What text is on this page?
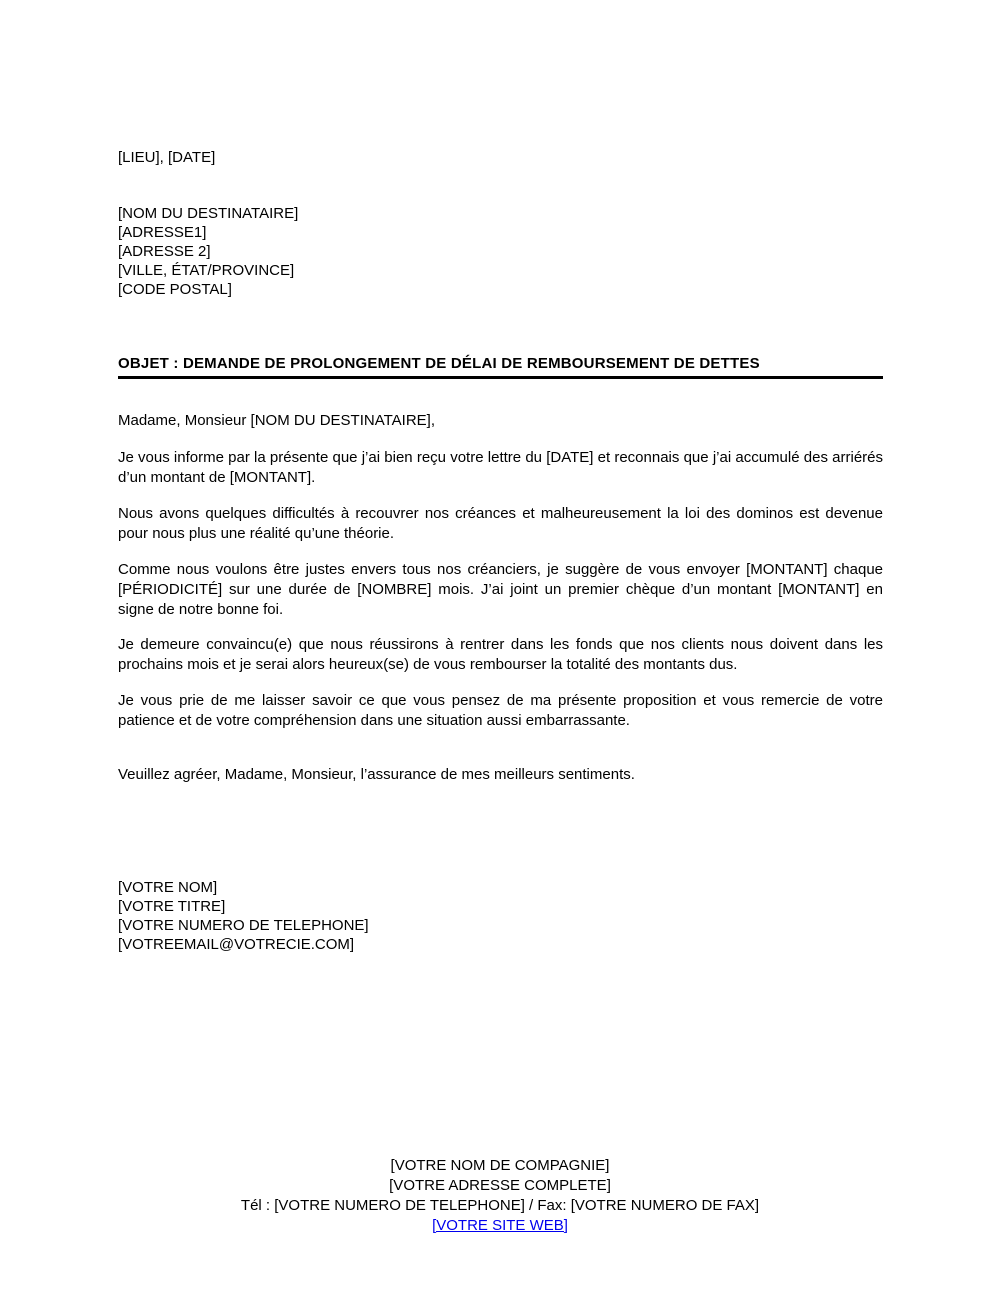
[LIEU], [DATE]
[NOM DU DESTINATAIRE]
[ADRESSE1]
[ADRESSE 2]
[VILLE, ÉTAT/PROVINCE]
[CODE POSTAL]
OBJET : DEMANDE DE PROLONGEMENT DE DÉLAI DE REMBOURSEMENT DE DETTES
Madame, Monsieur [NOM DU DESTINATAIRE],

Je vous informe par la présente que j’ai bien reçu votre lettre du [DATE] et reconnais que j’ai accumulé des arriérés d’un montant de [MONTANT].

Nous avons quelques difficultés à recouvrer nos créances et malheureusement la loi des dominos est devenue pour nous plus une réalité qu’une théorie.

Comme nous voulons être justes envers tous nos créanciers, je suggère de vous envoyer [MONTANT] chaque [PÉRIODICITÉ] sur une durée de [NOMBRE] mois. J’ai joint un premier chèque d’un montant [MONTANT] en signe de notre bonne foi.

Je demeure convaincu(e) que nous réussirons à rentrer dans les fonds que nos clients nous doivent dans les prochains mois et je serai alors heureux(se) de vous rembourser la totalité des montants dus.

Je vous prie de me laisser savoir ce que vous pensez de ma présente proposition et vous remercie de votre patience et de votre compréhension dans une situation aussi embarrassante.

Veuillez agréer, Madame, Monsieur, l’assurance de mes meilleurs sentiments.
[VOTRE NOM]
[VOTRE TITRE]
[VOTRE NUMERO DE TELEPHONE]
[VOTREEMAIL@VOTRECIE.COM]
[VOTRE NOM DE COMPAGNIE]
[VOTRE ADRESSE COMPLETE]
Tél : [VOTRE NUMERO DE TELEPHONE] / Fax: [VOTRE NUMERO DE FAX]
[VOTRE SITE WEB]
